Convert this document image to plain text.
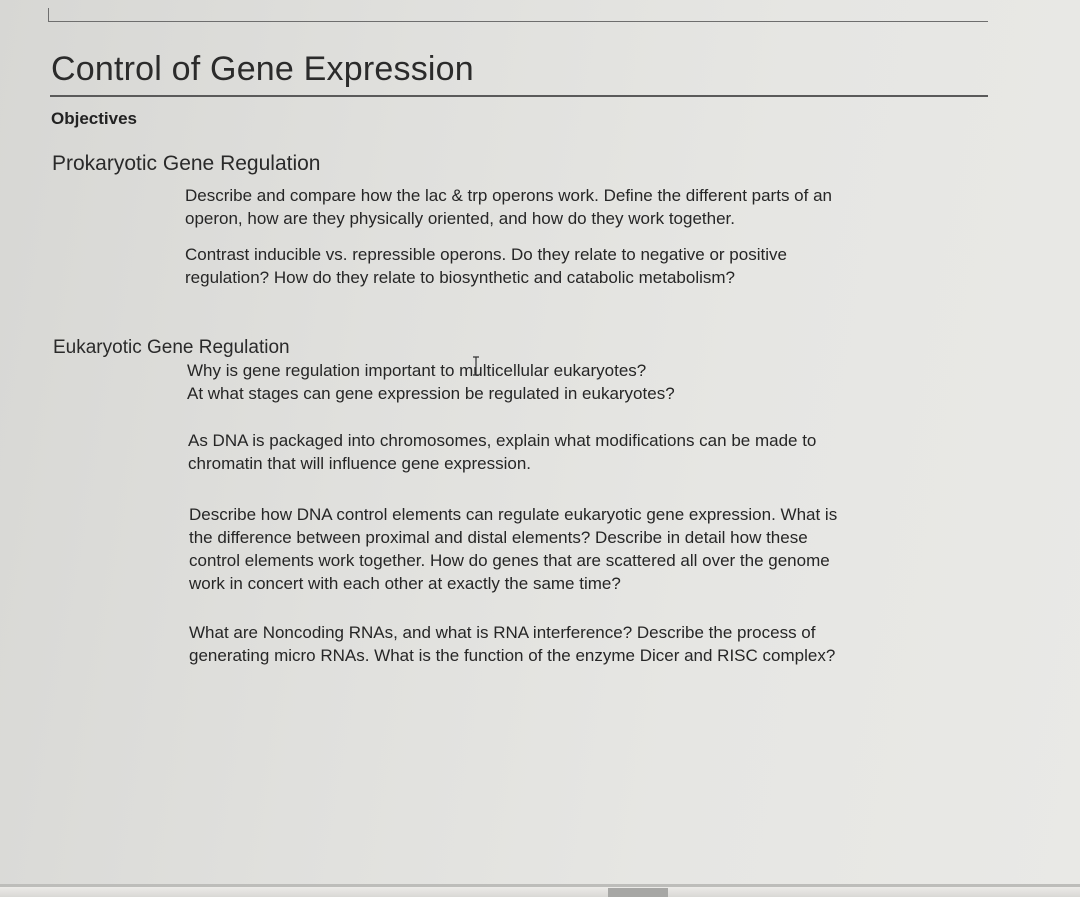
Control of Gene Expression
Objectives
Prokaryotic Gene Regulation
Describe and compare how the lac & trp operons work. Define the different parts of an
operon, how are they physically oriented, and how do they work together.
Contrast inducible vs. repressible operons. Do they relate to negative or positive
regulation? How do they relate to biosynthetic and catabolic metabolism?
Eukaryotic Gene Regulation
Why is gene regulation important to multicellular eukaryotes?
At what stages can gene expression be regulated in eukaryotes?
As DNA is packaged into chromosomes, explain what modifications can be made to
chromatin that will influence gene expression.
Describe how DNA control elements can regulate eukaryotic gene expression. What is
the difference between proximal and distal elements? Describe in detail how these
control elements work together. How do genes that are scattered all over the genome
work in concert with each other at exactly the same time?
What are Noncoding RNAs, and what is RNA interference? Describe the process of
generating micro RNAs. What is the function of the enzyme Dicer and RISC complex?
